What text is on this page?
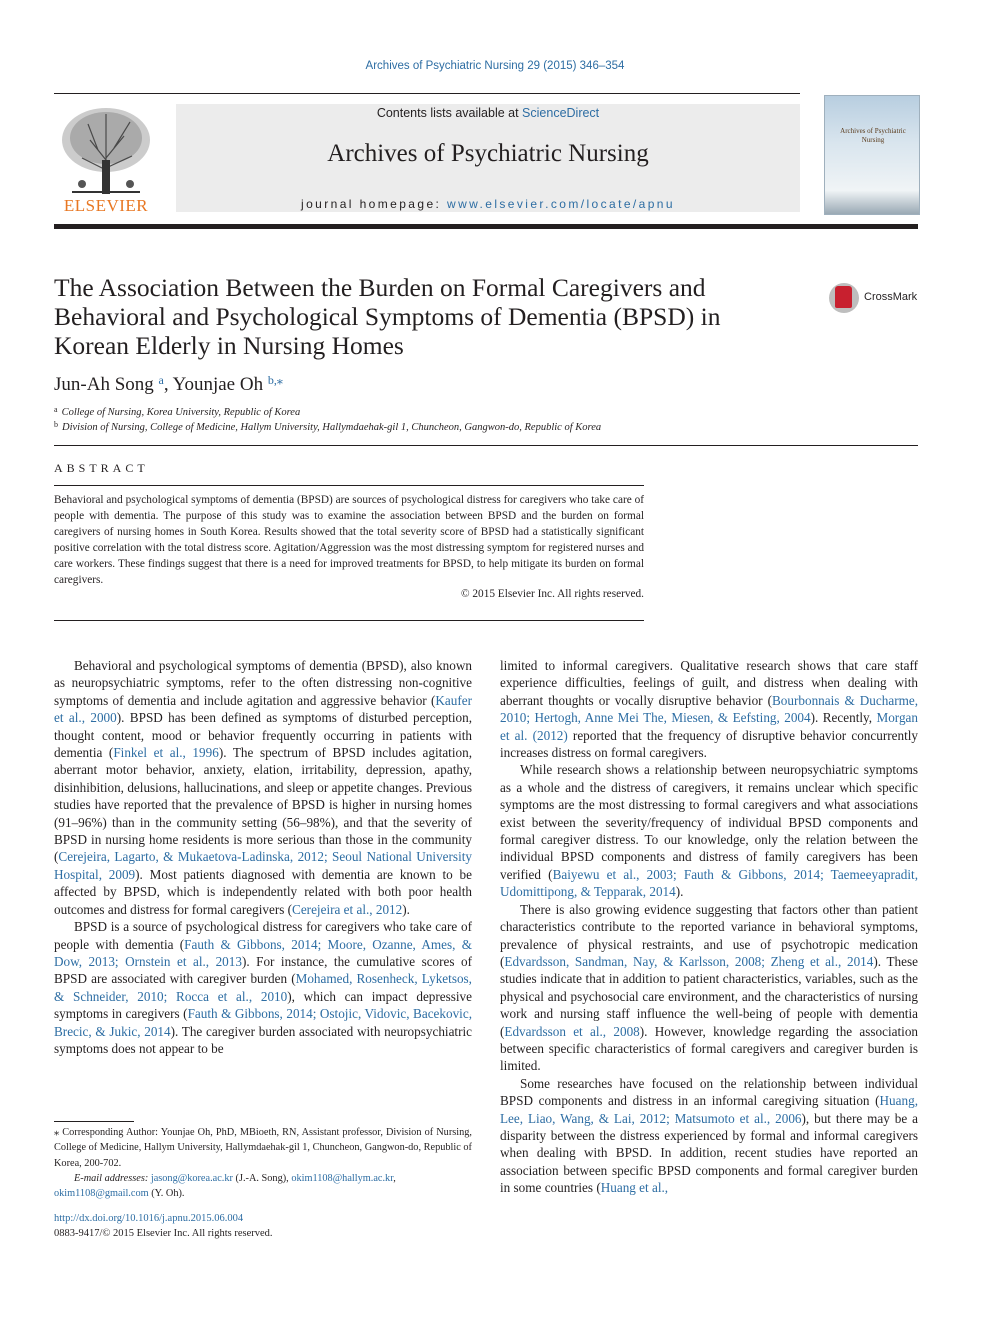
Archives of Psychiatric Nursing 29 (2015) 346–354
ELSEVIER
Contents lists available at ScienceDirect
Archives of Psychiatric Nursing
journal homepage: www.elsevier.com/locate/apnu
Archives of Psychiatric Nursing
The Association Between the Burden on Formal Caregivers and Behavioral and Psychological Symptoms of Dementia (BPSD) in Korean Elderly in Nursing Homes
CrossMark
Jun-Ah Song $^a$, Younjae Oh $^{b,⁎}$
$^a$ College of Nursing, Korea University, Republic of Korea
$^b$ Division of Nursing, College of Medicine, Hallym University, Hallymdaehak-gil 1, Chuncheon, Gangwon-do, Republic of Korea
ABSTRACT
Behavioral and psychological symptoms of dementia (BPSD) are sources of psychological distress for caregivers who take care of people with dementia. The purpose of this study was to examine the association between BPSD and the burden on formal caregivers of nursing homes in South Korea. Results showed that the total severity score of BPSD had a statistically significant positive correlation with the total distress score. Agitation/Aggression was the most distressing symptom for registered nurses and care workers. These findings suggest that there is a need for improved treatments for BPSD, to help mitigate its burden on formal caregivers.
© 2015 Elsevier Inc. All rights reserved.

Behavioral and psychological symptoms of dementia (BPSD), also known as neuropsychiatric symptoms, refer to the often distressing non-cognitive symptoms of dementia and include agitation and aggressive behavior (Kaufer et al., 2000). BPSD has been defined as symptoms of disturbed perception, thought content, mood or behavior frequently occurring in patients with dementia (Finkel et al., 1996). The spectrum of BPSD includes agitation, aberrant motor behavior, anxiety, elation, irritability, depression, apathy, disinhibition, delusions, hallucinations, and sleep or appetite changes. Previous studies have reported that the prevalence of BPSD is higher in nursing homes (91–96%) than in the community setting (56–98%), and that the severity of BPSD in nursing home residents is more serious than those in the community (Cerejeira, Lagarto, & Mukaetova-Ladinska, 2012; Seoul National University Hospital, 2009). Most patients diagnosed with dementia are known to be affected by BPSD, which is independently related with both poor health outcomes and distress for formal caregivers (Cerejeira et al., 2012).

BPSD is a source of psychological distress for caregivers who take care of people with dementia (Fauth & Gibbons, 2014; Moore, Ozanne, Ames, & Dow, 2013; Ornstein et al., 2013). For instance, the cumulative scores of BPSD are associated with caregiver burden (Mohamed, Rosenheck, Lyketsos, & Schneider, 2010; Rocca et al., 2010), which can impact depressive symptoms in caregivers (Fauth & Gibbons, 2014; Ostojic, Vidovic, Bacekovic, Brecic, & Jukic, 2014). The caregiver burden associated with neuropsychiatric symptoms does not appear to be

limited to informal caregivers. Qualitative research shows that care staff experience difficulties, feelings of guilt, and distress when dealing with aberrant thoughts or vocally disruptive behavior (Bourbonnais & Ducharme, 2010; Hertogh, Anne Mei The, Miesen, & Eefsting, 2004). Recently, Morgan et al. (2012) reported that the frequency of disruptive behavior concurrently increases distress on formal caregivers.

While research shows a relationship between neuropsychiatric symptoms as a whole and the distress of caregivers, it remains unclear which specific symptoms are the most distressing to formal caregivers and what associations exist between the severity/frequency of individual BPSD components and formal caregiver distress. To our knowledge, only the relation between the individual BPSD components and distress of family caregivers has been verified (Baiyewu et al., 2003; Fauth & Gibbons, 2014; Taemeeyapradit, Udomittipong, & Tepparak, 2014).

There is also growing evidence suggesting that factors other than patient characteristics contribute to the reported variance in behavioral symptoms, prevalence of physical restraints, and use of psychotropic medication (Edvardsson, Sandman, Nay, & Karlsson, 2008; Zheng et al., 2014). These studies indicate that in addition to patient characteristics, variables, such as the physical and psychosocial care environment, and the characteristics of nursing work and nursing staff influence the well-being of people with dementia (Edvardsson et al., 2008). However, knowledge regarding the association between specific characteristics of formal caregivers and caregiver burden is limited.

Some researches have focused on the relationship between individual BPSD components and distress in an informal caregiving situation (Huang, Lee, Liao, Wang, & Lai, 2012; Matsumoto et al., 2006), but there may be a disparity between the distress experienced by formal and informal caregivers when dealing with BPSD. In addition, recent studies have reported an association between specific BPSD components and formal caregiver burden in some countries (Huang et al.,

⁎ Corresponding Author: Younjae Oh, PhD, MBioeth, RN, Assistant professor, Division of Nursing, College of Medicine, Hallym University, Hallymdaehak-gil 1, Chuncheon, Gangwon-do, Republic of Korea, 200-702.

E-mail addresses: jasong@korea.ac.kr (J.-A. Song), okim1108@hallym.ac.kr,
okim1108@gmail.com (Y. Oh).

http://dx.doi.org/10.1016/j.apnu.2015.06.004
0883-9417/© 2015 Elsevier Inc. All rights reserved.
